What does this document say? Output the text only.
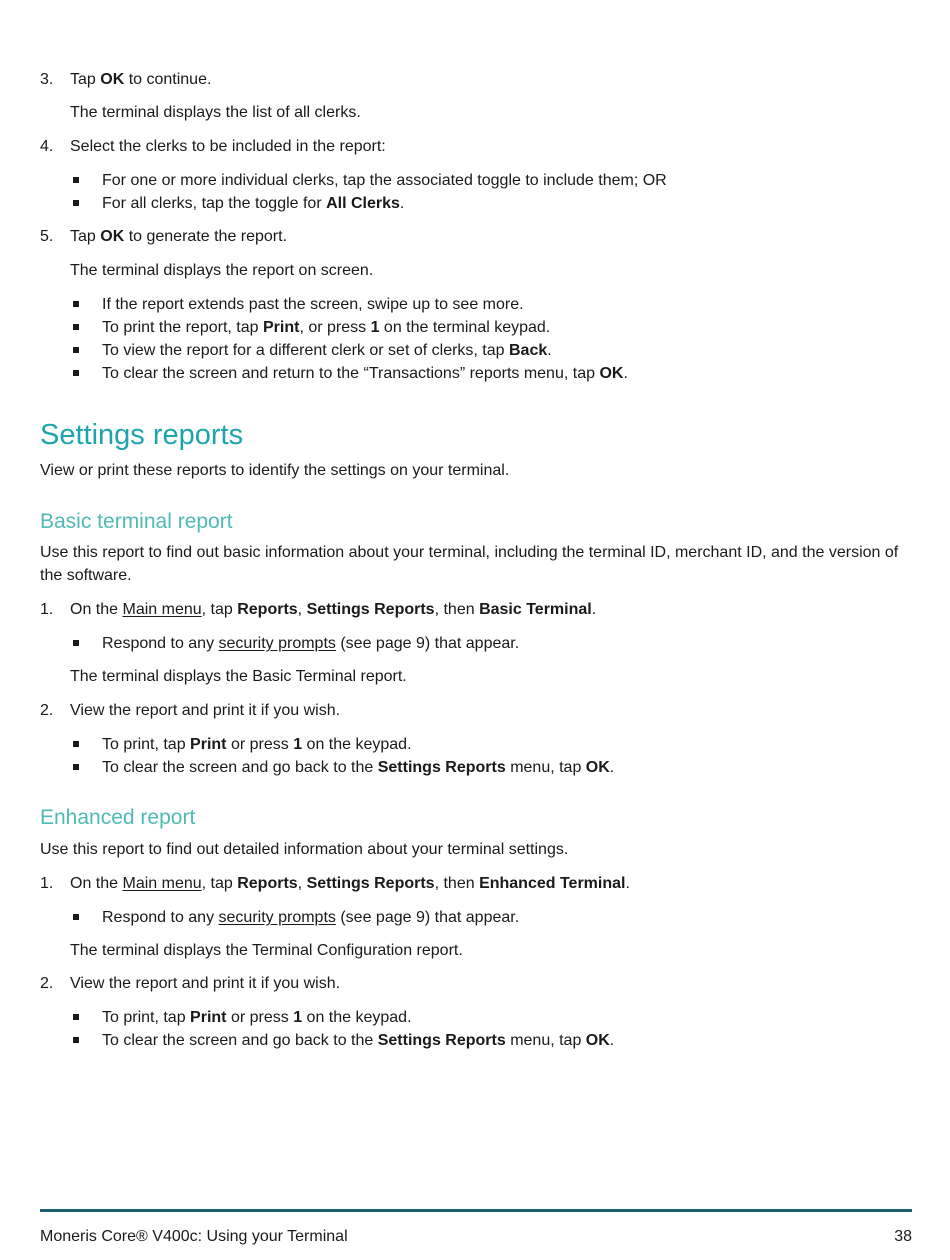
3. Tap OK to continue.
The terminal displays the list of all clerks.
4. Select the clerks to be included in the report:
For one or more individual clerks, tap the associated toggle to include them; OR
For all clerks, tap the toggle for All Clerks.
5. Tap OK to generate the report.
The terminal displays the report on screen.
If the report extends past the screen, swipe up to see more.
To print the report, tap Print, or press 1 on the terminal keypad.
To view the report for a different clerk or set of clerks, tap Back.
To clear the screen and return to the “Transactions” reports menu, tap OK.
Settings reports
View or print these reports to identify the settings on your terminal.
Basic terminal report
Use this report to find out basic information about your terminal, including the terminal ID, merchant ID, and the version of the software.
1. On the Main menu, tap Reports, Settings Reports, then Basic Terminal.
Respond to any security prompts (see page 9) that appear.
The terminal displays the Basic Terminal report.
2. View the report and print it if you wish.
To print, tap Print or press 1 on the keypad.
To clear the screen and go back to the Settings Reports menu, tap OK.
Enhanced report
Use this report to find out detailed information about your terminal settings.
1. On the Main menu, tap Reports, Settings Reports, then Enhanced Terminal.
Respond to any security prompts (see page 9) that appear.
The terminal displays the Terminal Configuration report.
2. View the report and print it if you wish.
To print, tap Print or press 1 on the keypad.
To clear the screen and go back to the Settings Reports menu, tap OK.
Moneris Core® V400c: Using your Terminal	38
